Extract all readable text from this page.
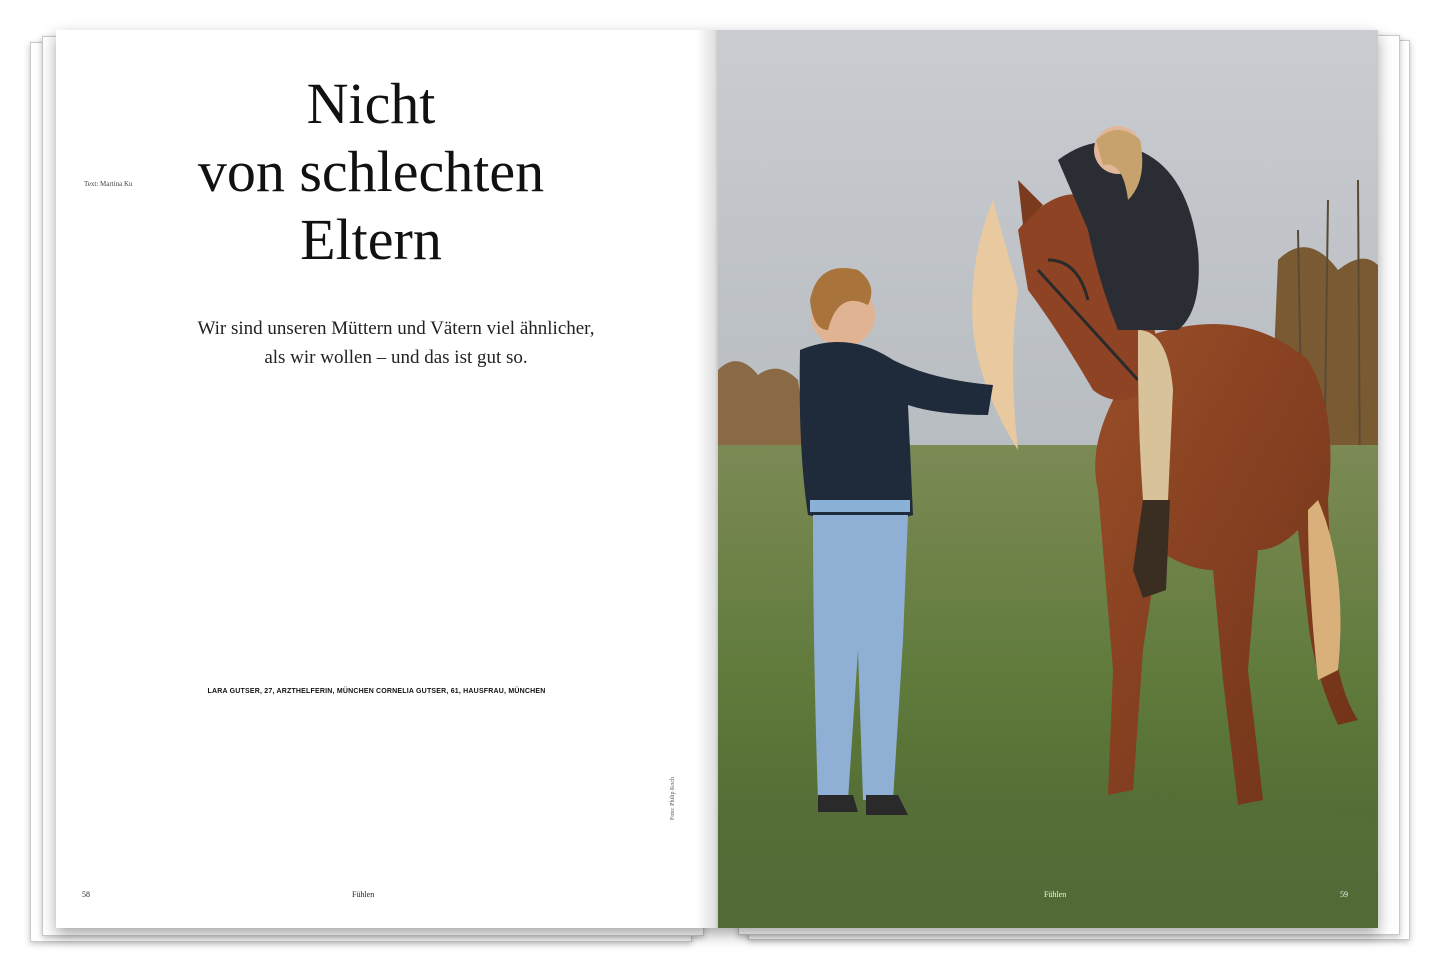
Text: Martina Ku
Nicht
von schlechten
Eltern
Wir sind unseren Müttern und Vätern viel ähnlicher,
als wir wollen – und das ist gut so.
LARA GUTSER, 27, ARZTHELFERIN, MÜNCHEN CORNELIA GUTSER, 61, HAUSFRAU, MÜNCHEN
58	Fühlen
Foto: Philip Koch
Fühlen	59
